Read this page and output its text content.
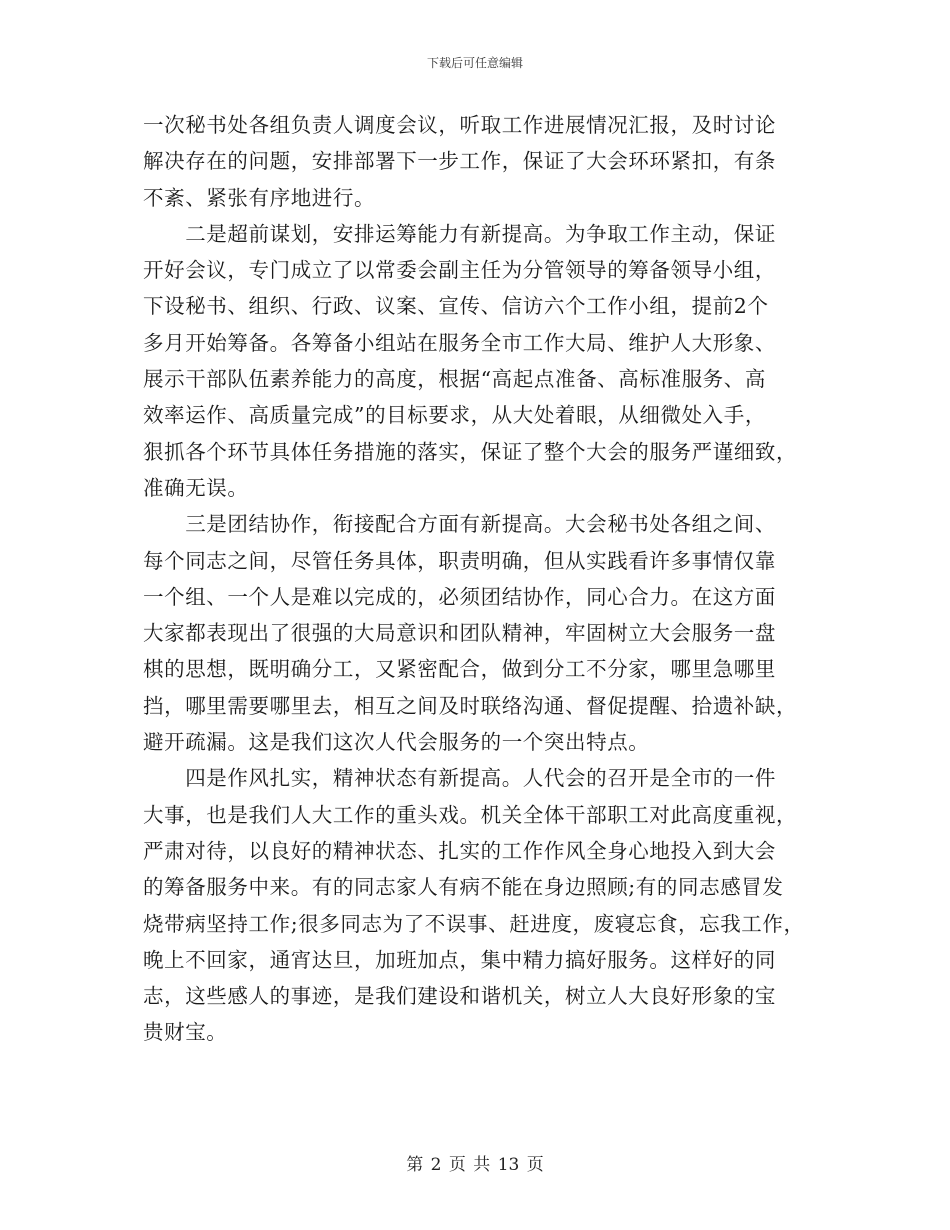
下载后可任意编辑
一次秘书处各组负责人调度会议，听取工作进展情况汇报，及时讨论
解决存在的问题，安排部署下一步工作，保证了大会环环紧扣，有条
不紊、紧张有序地进行。
　　二是超前谋划，安排运筹能力有新提高。为争取工作主动，保证
开好会议，专门成立了以常委会副主任为分管领导的筹备领导小组，
下设秘书、组织、行政、议案、宣传、信访六个工作小组，提前2个
多月开始筹备。各筹备小组站在服务全市工作大局、维护人大形象、
展示干部队伍素养能力的高度，根据“高起点准备、高标准服务、高
效率运作、高质量完成”的目标要求，从大处着眼，从细微处入手，
狠抓各个环节具体任务措施的落实，保证了整个大会的服务严谨细致，
准确无误。
　　三是团结协作，衔接配合方面有新提高。大会秘书处各组之间、
每个同志之间，尽管任务具体，职责明确，但从实践看许多事情仅靠
一个组、一个人是难以完成的，必须团结协作，同心合力。在这方面
大家都表现出了很强的大局意识和团队精神，牢固树立大会服务一盘
棋的思想，既明确分工，又紧密配合，做到分工不分家，哪里急哪里
挡，哪里需要哪里去，相互之间及时联络沟通、督促提醒、拾遗补缺，
避开疏漏。这是我们这次人代会服务的一个突出特点。
　　四是作风扎实，精神状态有新提高。人代会的召开是全市的一件
大事，也是我们人大工作的重头戏。机关全体干部职工对此高度重视，
严肃对待，以良好的精神状态、扎实的工作作风全身心地投入到大会
的筹备服务中来。有的同志家人有病不能在身边照顾;有的同志感冒发
烧带病坚持工作;很多同志为了不误事、赶进度，废寝忘食，忘我工作，
晚上不回家，通宵达旦，加班加点，集中精力搞好服务。这样好的同
志，这些感人的事迹，是我们建设和谐机关，树立人大良好形象的宝
贵财宝。
第 2 页 共 13 页
